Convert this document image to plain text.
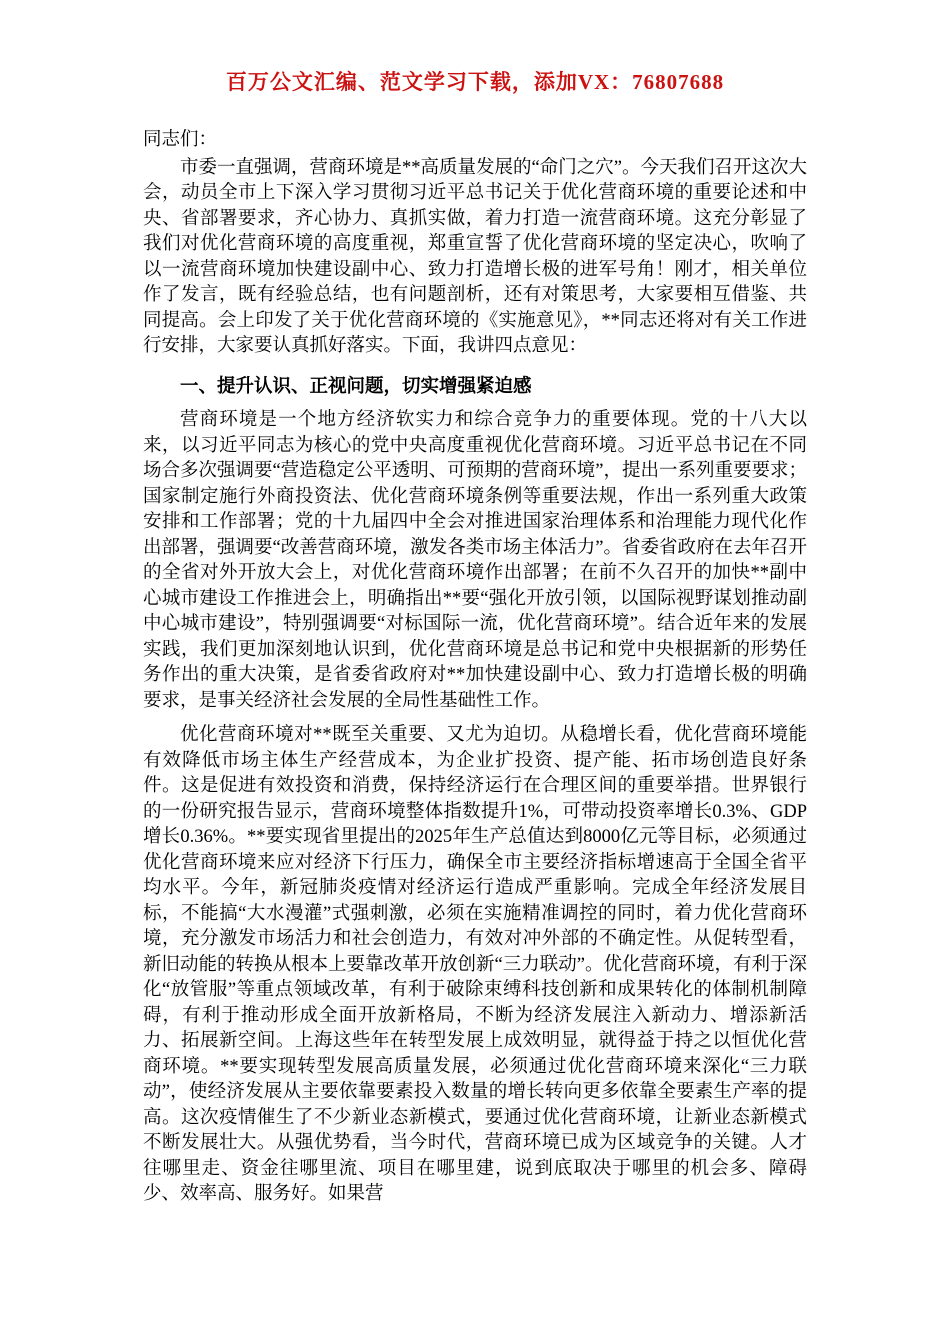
百万公文汇编、范文学习下载，添加VX：76807688

同志们：

市委一直强调，营商环境是**高质量发展的“命门之穴”。今天我们召开这次大会，动员全市上下深入学习贯彻习近平总书记关于优化营商环境的重要论述和中央、省部署要求，齐心协力、真抓实做，着力打造一流营商环境。这充分彰显了我们对优化营商环境的高度重视，郑重宣誓了优化营商环境的坚定决心，吹响了以一流营商环境加快建设副中心、致力打造增长极的进军号角！刚才，相关单位作了发言，既有经验总结，也有问题剖析，还有对策思考，大家要相互借鉴、共同提高。会上印发了关于优化营商环境的《实施意见》，**同志还将对有关工作进行安排，大家要认真抓好落实。下面，我讲四点意见：

一、提升认识、正视问题，切实增强紧迫感

营商环境是一个地方经济软实力和综合竞争力的重要体现。党的十八大以来，以习近平同志为核心的党中央高度重视优化营商环境。习近平总书记在不同场合多次强调要“营造稳定公平透明、可预期的营商环境”，提出一系列重要要求；国家制定施行外商投资法、优化营商环境条例等重要法规，作出一系列重大政策安排和工作部署；党的十九届四中全会对推进国家治理体系和治理能力现代化作出部署，强调要“改善营商环境，激发各类市场主体活力”。省委省政府在去年召开的全省对外开放大会上，对优化营商环境作出部署；在前不久召开的加快**副中心城市建设工作推进会上，明确指出**要“强化开放引领，以国际视野谋划推动副中心城市建设”，特别强调要“对标国际一流，优化营商环境”。结合近年来的发展实践，我们更加深刻地认识到，优化营商环境是总书记和党中央根据新的形势任务作出的重大决策，是省委省政府对**加快建设副中心、致力打造增长极的明确要求，是事关经济社会发展的全局性基础性工作。

优化营商环境对**既至关重要、又尤为迫切。从稳增长看，优化营商环境能有效降低市场主体生产经营成本，为企业扩投资、提产能、拓市场创造良好条件。这是促进有效投资和消费，保持经济运行在合理区间的重要举措。世界银行的一份研究报告显示，营商环境整体指数提升1%，可带动投资率增长0.3%、GDP增长0.36%。**要实现省里提出的2025年生产总值达到8000亿元等目标，必须通过优化营商环境来应对经济下行压力，确保全市主要经济指标增速高于全国全省平均水平。今年，新冠肺炎疫情对经济运行造成严重影响。完成全年经济发展目标，不能搞“大水漫灌”式强刺激，必须在实施精准调控的同时，着力优化营商环境，充分激发市场活力和社会创造力，有效对冲外部的不确定性。从促转型看，新旧动能的转换从根本上要靠改革开放创新“三力联动”。优化营商环境，有利于深化“放管服”等重点领域改革，有利于破除束缚科技创新和成果转化的体制机制障碍，有利于推动形成全面开放新格局，不断为经济发展注入新动力、增添新活力、拓展新空间。上海这些年在转型发展上成效明显，就得益于持之以恒优化营商环境。**要实现转型发展高质量发展，必须通过优化营商环境来深化“三力联动”，使经济发展从主要依靠要素投入数量的增长转向更多依靠全要素生产率的提高。这次疫情催生了不少新业态新模式，要通过优化营商环境，让新业态新模式不断发展壮大。从强优势看，当今时代，营商环境已成为区域竞争的关键。人才往哪里走、资金往哪里流、项目在哪里建，说到底取决于哪里的机会多、障碍少、效率高、服务好。如果营
